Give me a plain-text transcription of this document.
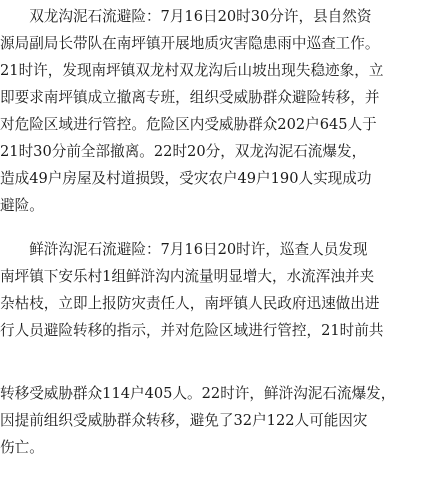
　　双龙沟泥石流避险：7月16日20时30分许，县自然资
源局副局长带队在南坪镇开展地质灾害隐患雨中巡查工作。
21时许，发现南坪镇双龙村双龙沟后山坡出现失稳迹象，立
即要求南坪镇成立撤离专班，组织受威胁群众避险转移，并
对危险区域进行管控。危险区内受威胁群众202户645人于
21时30分前全部撤离。22时20分，双龙沟泥石流爆发，
造成49户房屋及村道损毁，受灾农户49户190人实现成功
避险。
　　鲜浒沟泥石流避险：7月16日20时许，巡查人员发现
南坪镇下安乐村1组鲜浒沟内流量明显增大，水流浑浊并夹
杂枯枝，立即上报防灾责任人，南坪镇人民政府迅速做出进
行人员避险转移的指示，并对危险区域进行管控，21时前共
转移受威胁群众114户405人。22时许，鲜浒沟泥石流爆发，
因提前组织受威胁群众转移，避免了32户122人可能因灾
伤亡。
